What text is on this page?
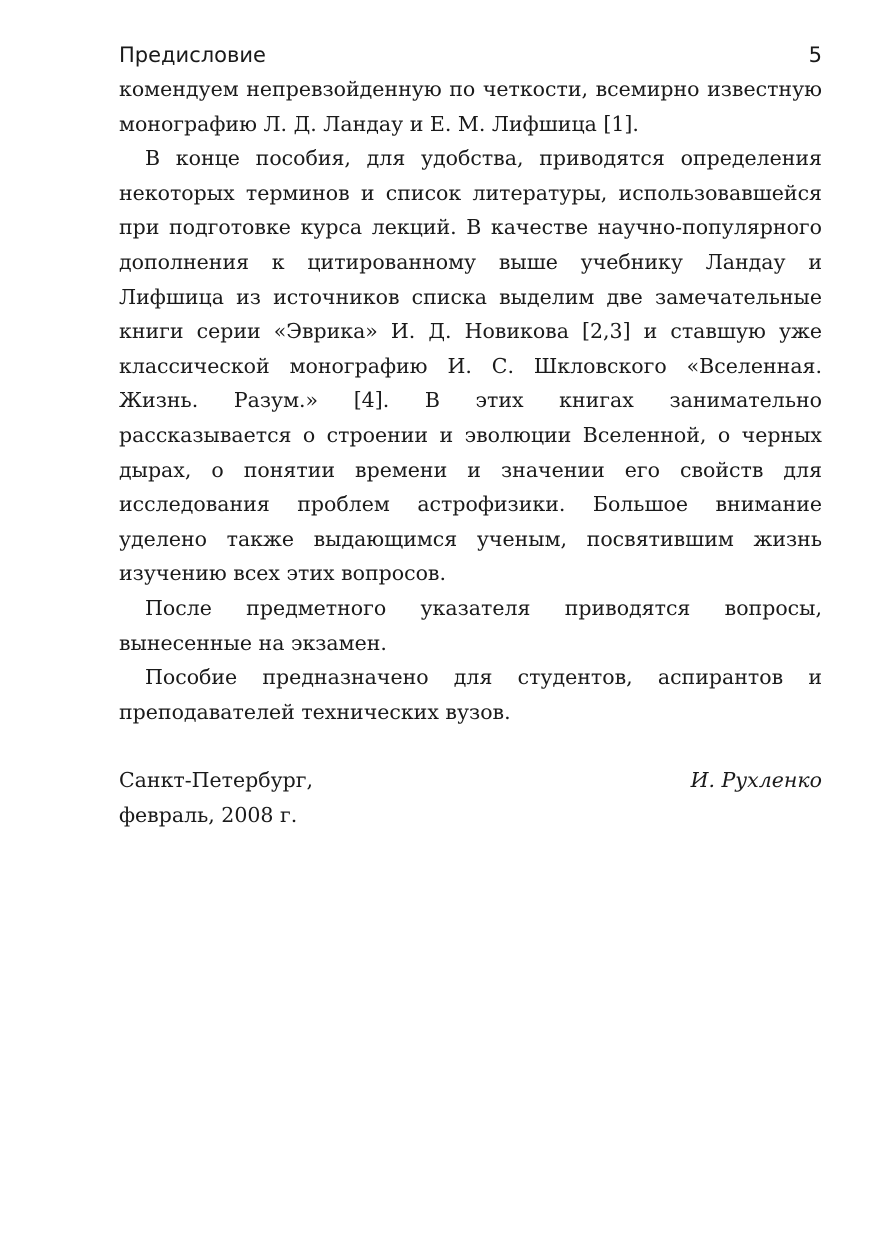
Предисловие	5

комендуем непревзойденную по четкости, всемирно известную монографию Л. Д. Ландау и Е. М. Лифшица [1].

В конце пособия, для удобства, приводятся определения некоторых терминов и список литературы, использовавшейся при подготовке курса лекций. В качестве научно-популярного дополнения к цитированному выше учебнику Ландау и Лифшица из источников списка выделим две замечательные книги серии «Эврика» И. Д. Новикова [2,3] и ставшую уже классической монографию И. С. Шкловского «Вселенная. Жизнь. Разум.» [4]. В этих книгах занимательно рассказывается о строении и эволюции Вселенной, о черных дырах, о понятии времени и значении его свойств для исследования проблем астрофизики. Большое внимание уделено также выдающимся ученым, посвятившим жизнь изучению всех этих вопросов.

После предметного указателя приводятся вопросы, вынесенные на экзамен.

Пособие предназначено для студентов, аспирантов и преподавателей технических вузов.

Санкт-Петербург,
февраль, 2008 г.
И. Рухленко
